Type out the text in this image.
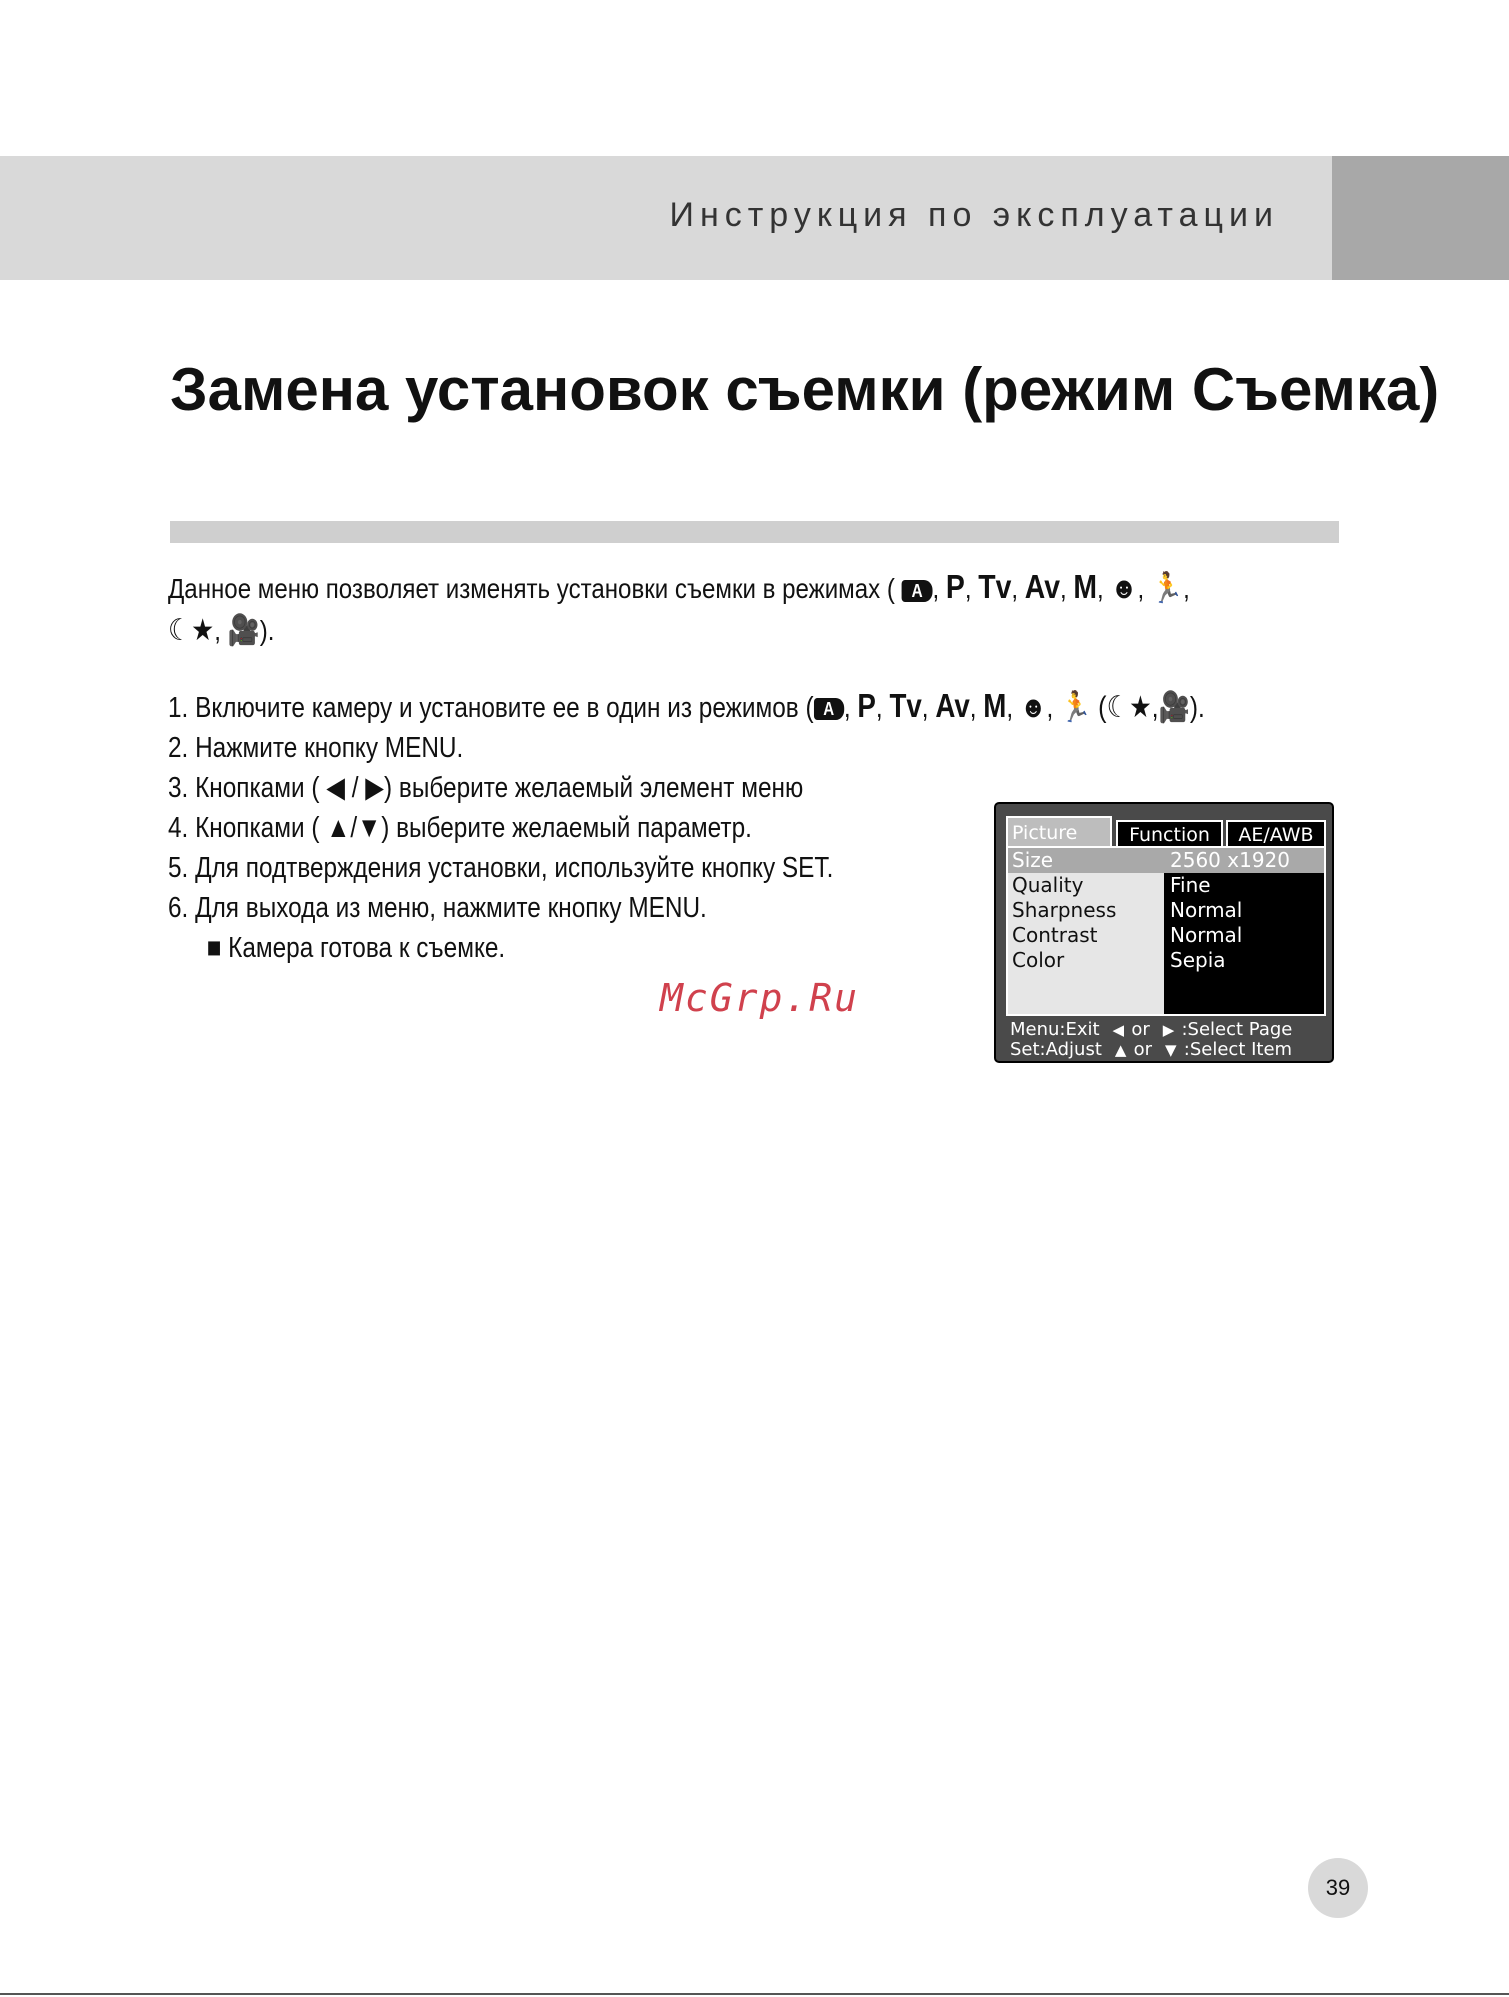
Инструкция по эксплуатации
Замена установок съемки (режим Съемка)
Данное меню позволяет изменять установки съемки в режимах ( A , P, Tv, Av, M, ☻, 🏃,
☾★, 🎥).
1. Включите камеру и установите ее в один из режимов ( A , P, Tv, Av, M, ☻, 🏃 (☾★,🎥).
2. Нажмите кнопку MENU.
3. Кнопками ( ◀ / ▶) выберите желаемый элемент меню
4. Кнопками ( ▲/▼) выберите желаемый параметр.
5. Для подтверждения установки, используйте кнопку SET.
6. Для выхода из меню, нажмите кнопку MENU.
■ Камера готова к съемке.
McGrp.Ru
Picture	Function	AE/AWB
Size	2560 x1920
Quality	Fine
Sharpness	Normal
Contrast	Normal
Color	Sepia
Menu:Exit ◀ or ▶ :Select Page
Set:Adjust ▲ or ▼ :Select Item
39
